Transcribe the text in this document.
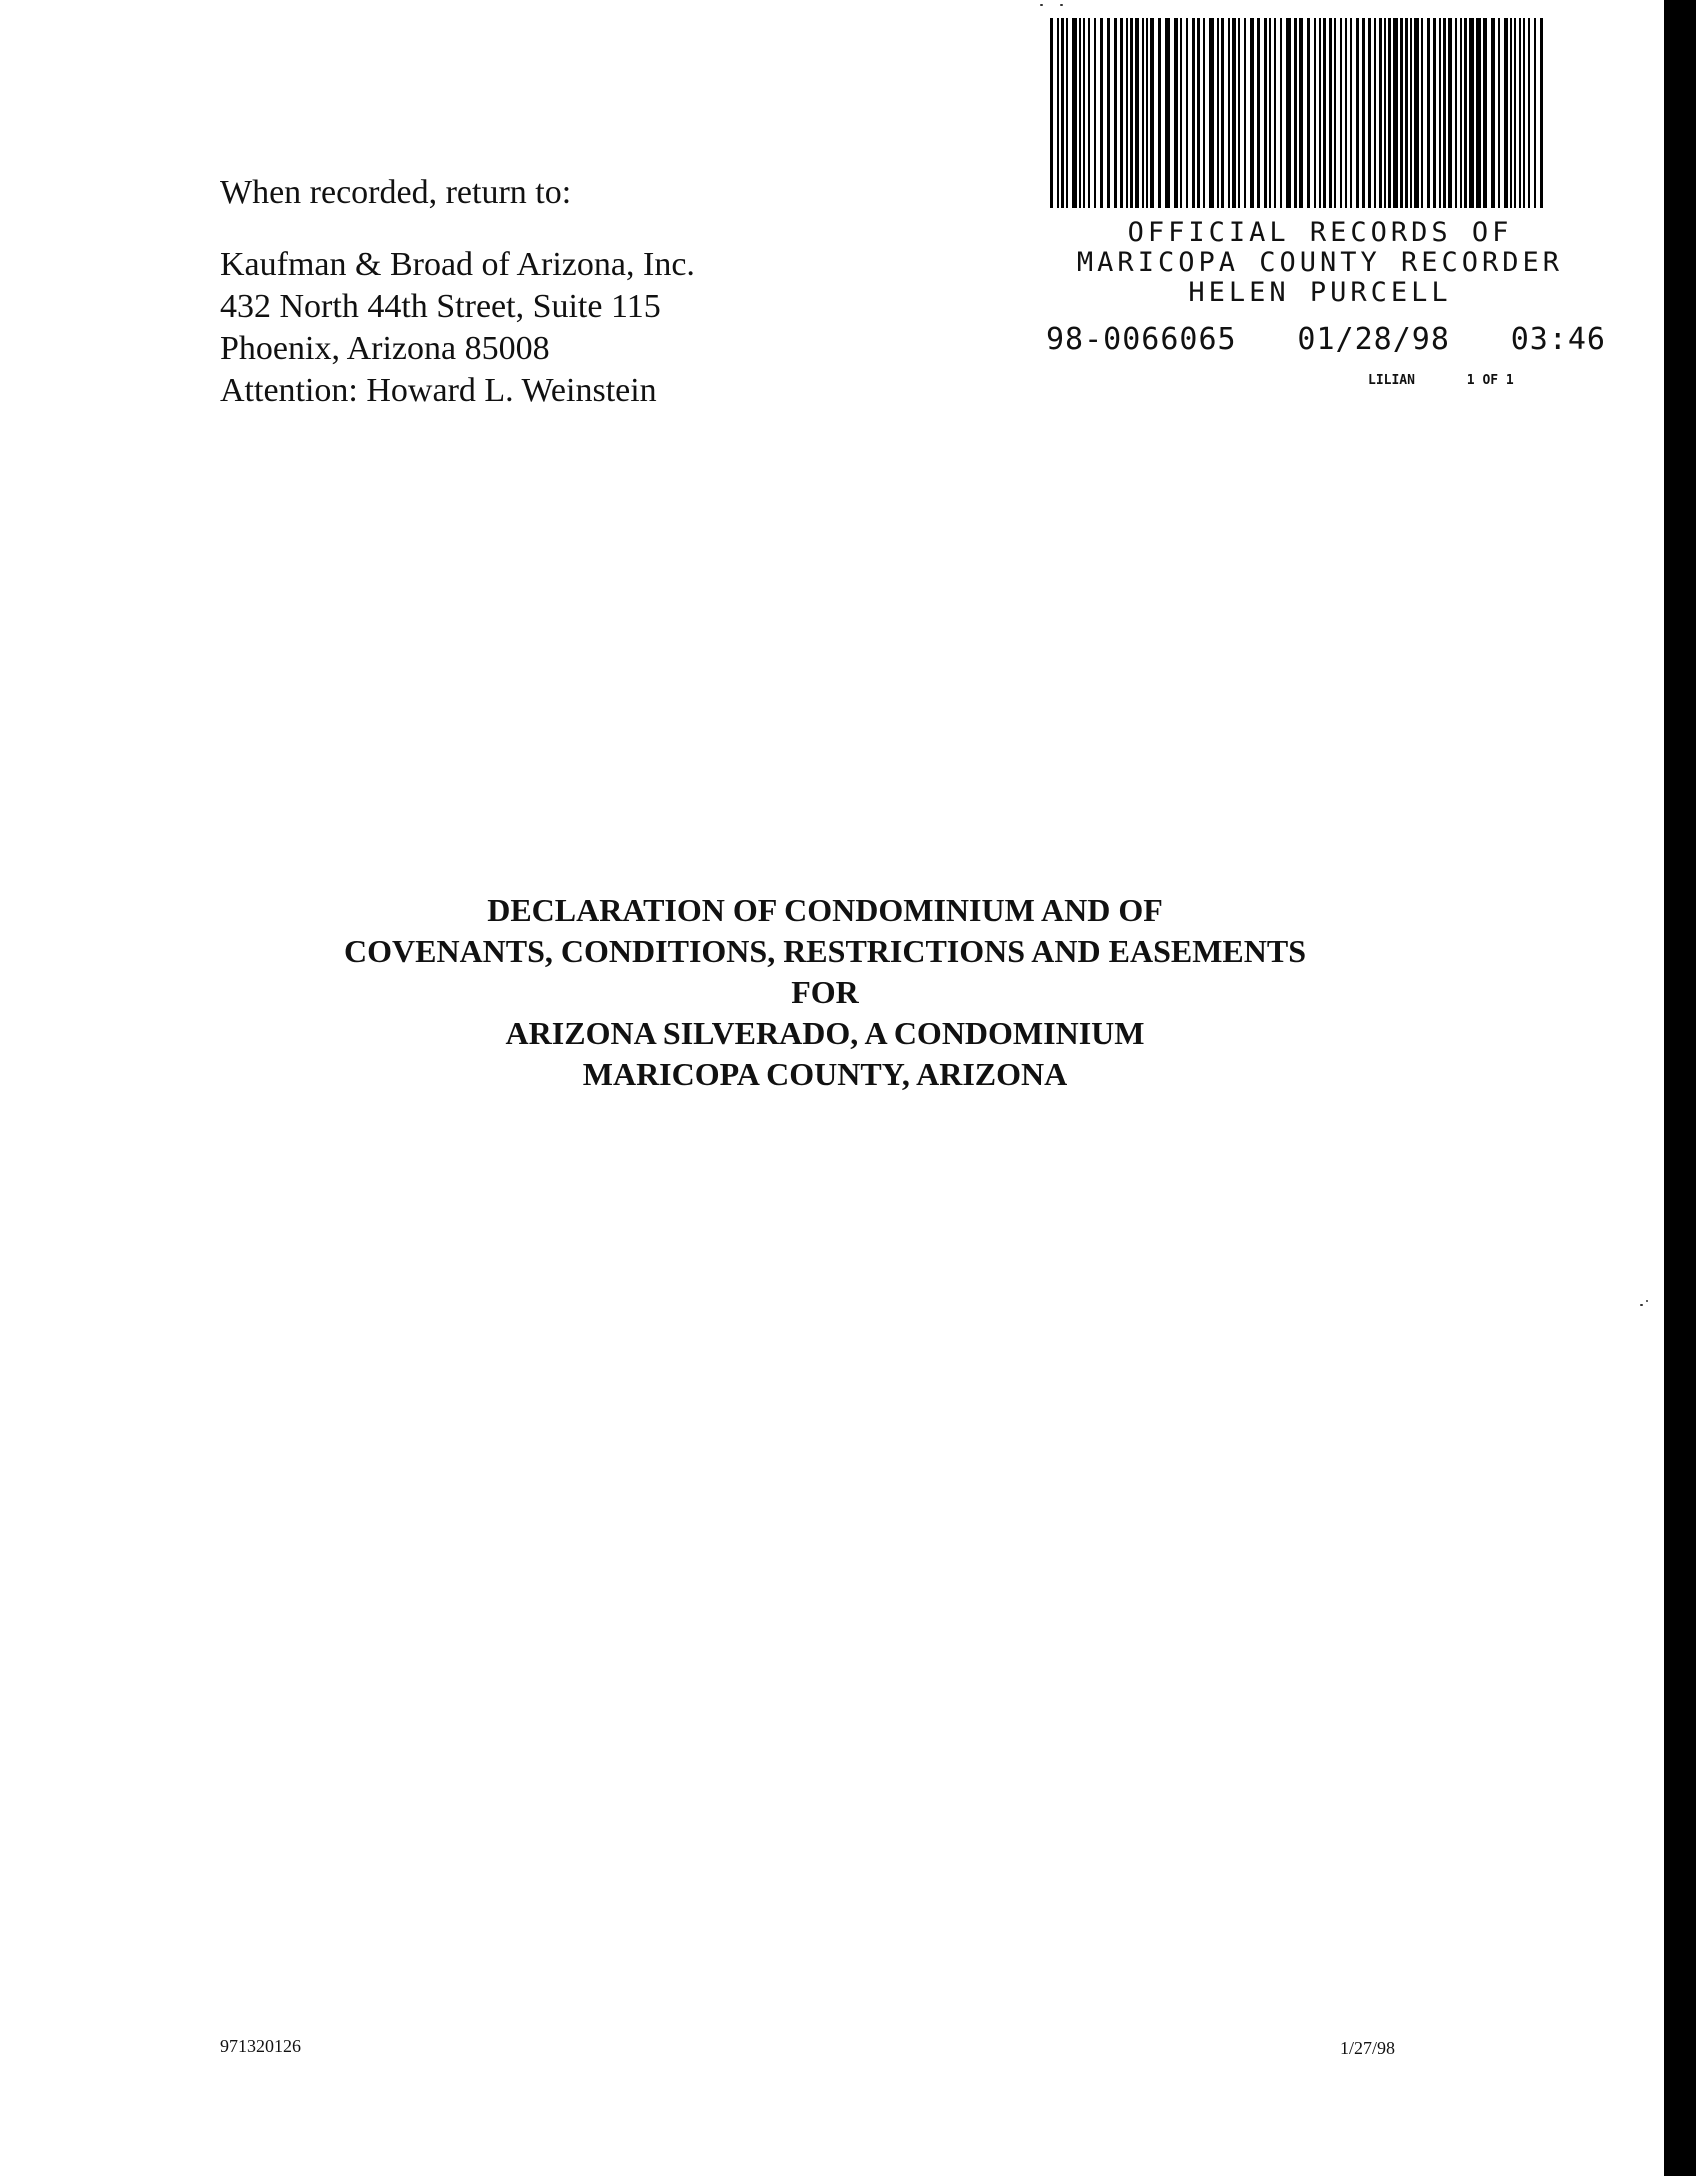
When recorded, return to:

Kaufman & Broad of Arizona, Inc.

432 North 44th Street, Suite 115

Phoenix, Arizona 85008

Attention: Howard L. Weinstein

OFFICIAL RECORDS OF
MARICOPA COUNTY RECORDER
HELEN PURCELL
98-0066065 01/28/98 03:46
LILIAN	1 OF 1

DECLARATION OF CONDOMINIUM AND OF

COVENANTS, CONDITIONS, RESTRICTIONS AND EASEMENTS

FOR

ARIZONA SILVERADO, A CONDOMINIUM

MARICOPA COUNTY, ARIZONA

971320126	1/27/98
